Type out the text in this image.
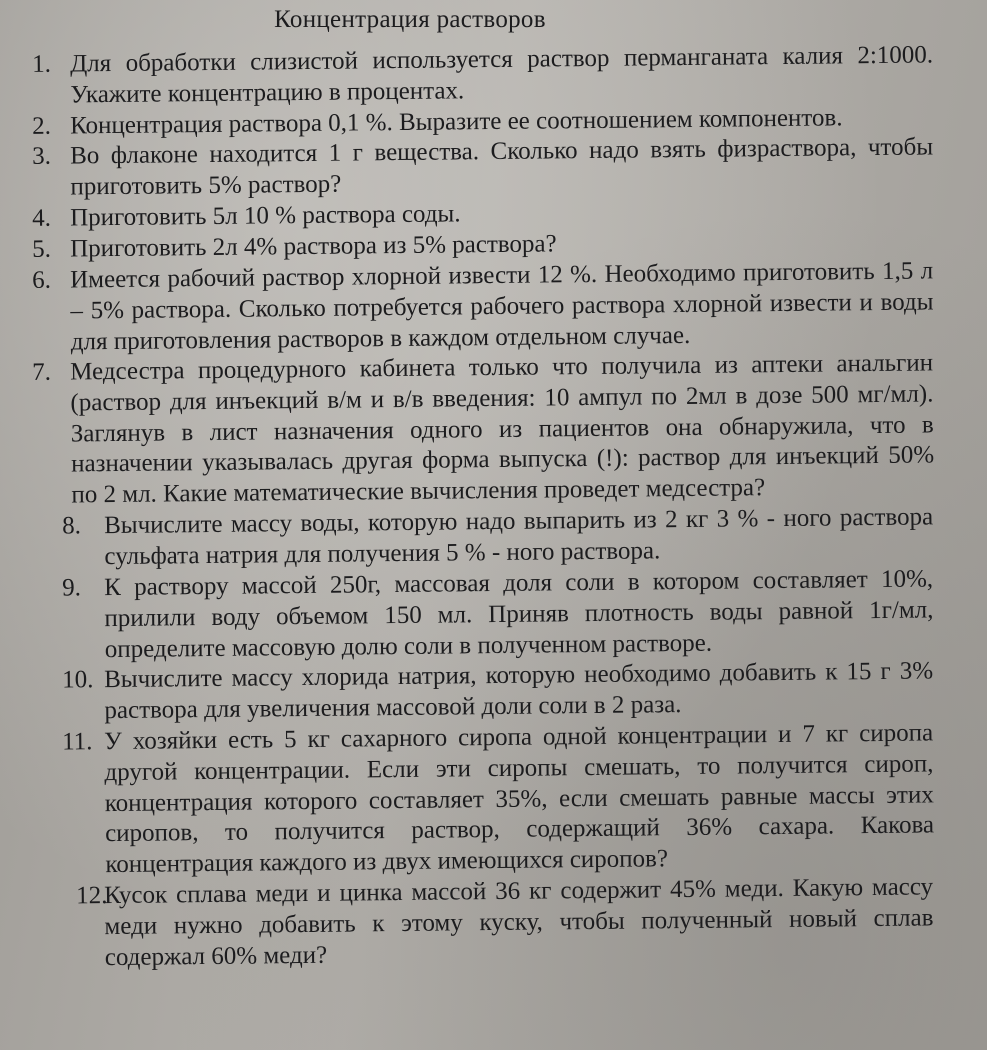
Концентрация растворов
1. Для обработки слизистой используется раствор перманганата калия 2:1000. Укажите концентрацию в процентах.
2. Концентрация раствора 0,1 %. Выразите ее соотношением компонентов.
3. Во флаконе находится 1 г вещества. Сколько надо взять физраствора, чтобы приготовить 5% раствор?
4. Приготовить 5л 10 % раствора соды.
5. Приготовить 2л 4% раствора из 5% раствора?
6. Имеется рабочий раствор хлорной извести 12 %. Необходимо приготовить 1,5 л – 5% раствора. Сколько потребуется рабочего раствора хлорной извести и воды для приготовления растворов в каждом отдельном случае.
7. Медсестра процедурного кабинета только что получила из аптеки анальгин (раствор для инъекций в/м и в/в введения: 10 ампул по 2мл в дозе 500 мг/мл). Заглянув в лист назначения одного из пациентов она обнаружила, что в назначении указывалась другая форма выпуска (!): раствор для инъекций 50% по 2 мл. Какие математические вычисления проведет медсестра?
8. Вычислите массу воды, которую надо выпарить из 2 кг 3 % - ного раствора сульфата натрия для получения 5 % - ного раствора.
9. К раствору массой 250г, массовая доля соли в котором составляет 10%, прилили воду объемом 150 мл. Приняв плотность воды равной 1г/мл, определите массовую долю соли в полученном растворе.
10. Вычислите массу хлорида натрия, которую необходимо добавить к 15 г 3% раствора для увеличения массовой доли соли в 2 раза.
11. У хозяйки есть 5 кг сахарного сиропа одной концентрации и 7 кг сиропа другой концентрации. Если эти сиропы смешать, то получится сироп, концентрация которого составляет 35%, если смешать равные массы этих сиропов, то получится раствор, содержащий 36% сахара. Какова концентрация каждого из двух имеющихся сиропов?
12.
Кусок сплава меди и цинка массой 36 кг содержит 45% меди. Какую массу меди нужно добавить к этому куску, чтобы полученный новый сплав содержал 60% меди?
